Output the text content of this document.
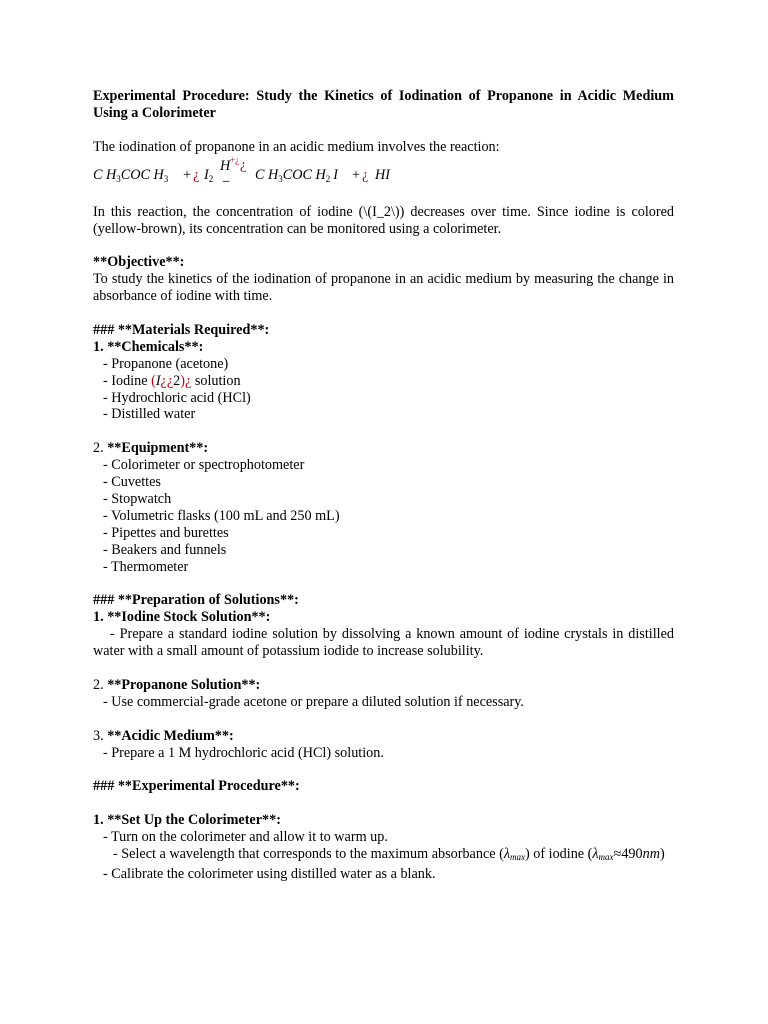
Experimental Procedure: Study the Kinetics of Iodination of Propanone in Acidic Medium Using a Colorimeter

The iodination of propanone in an acidic medium involves the reaction:

C $H_3COC$ $H_3$ + ¿ $I_2$
H +¿ ¿
− C $H_3COC$ $H_2$ I + ¿ HI

In this reaction, the concentration of iodine (\(I_2\)) decreases over time. Since iodine is colored (yellow-brown), its concentration can be monitored using a colorimeter.

**Objective**:

To study the kinetics of the iodination of propanone in an acidic medium by measuring the change in absorbance of iodine with time.

### **Materials Required**:

1. **Chemicals**:

- Propanone (acetone)

- Iodine (I¿¿2)¿ solution

- Hydrochloric acid (HCl)

- Distilled water

2. **Equipment**:

- Colorimeter or spectrophotometer

- Cuvettes

- Stopwatch

- Volumetric flasks (100 mL and 250 mL)

- Pipettes and burettes

- Beakers and funnels

- Thermometer

### **Preparation of Solutions**:

1. **Iodine Stock Solution**:

- Prepare a standard iodine solution by dissolving a known amount of iodine crystals in distilled water with a small amount of potassium iodide to increase solubility.

2. **Propanone Solution**:

- Use commercial-grade acetone or prepare a diluted solution if necessary.

3. **Acidic Medium**:

- Prepare a 1 M hydrochloric acid (HCl) solution.

### **Experimental Procedure**:

1. **Set Up the Colorimeter**:

- Turn on the colorimeter and allow it to warm up.

- Select a wavelength that corresponds to the maximum absorbance $(\lambda_{max})$ of iodine $(\lambda_{max}\approx 490nm)$

- Calibrate the colorimeter using distilled water as a blank.
